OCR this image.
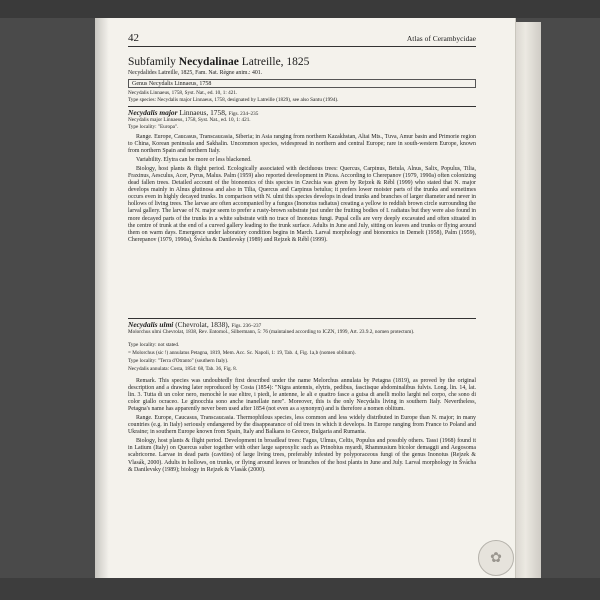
✿
42	Atlas of Cerambycidae
Subfamily Necydalinae Latreille, 1825
Necydalides Latreille, 1825, Fam. Nat. Règne anim.: 401.
Genus Necydalis Linnaeus, 1758
Necydalis Linnaeus, 1758, Syst. Nat., ed. 10, 1: 421.
Type species: Necydalis major Linnaeus, 1758, designated by Latreille (1829), see also Santu (1994).
Necydalis major Linnaeus, 1758, Figs. 234–235
Necydalis major Linnaeus, 1758, Syst. Nat., ed. 10, 1: 421.
Type locality: "Europa".

Range. Europe, Caucasus, Transcaucasia, Siberia; in Asia ranging from northern Kazakhstan, Altai Mts., Tuva, Amur basin and Primorie region to China, Korean peninsula and Sakhalin. Uncommon species, widespread in northern and central Europe; rare in south-western Europe, known from northern Spain and northern Italy.

Variability. Elytra can be more or less blackened.

Biology, host plants & flight period. Ecologically associated with deciduous trees: Quercus, Carpinus, Betula, Alnus, Salix, Populus, Tilia, Fraxinus, Aesculus, Acer, Pyrus, Malus. Palm (1959) also reported development in Picea. According to Cherepanov (1979, 1990a) often colonizing dead fallen trees. Detailed account of the bionomics of this species in Czechia was given by Rejzek & Rébl (1999) who stated that N. major develops mainly in Alnus glutinosa and also in Tilia, Quercus and Carpinus betulus; it prefers lower moister parts of the trunks and sometimes occurs even in highly decayed trunks. In comparison with N. ulmi this species develops in dead trunks and branches of larger diameter and never in hollows of living trees. The larvae are often accompanied by a fungus (Inonotus radiatus) creating a yellow to reddish brown circle surrounding the larval gallery. The larvae of N. major seem to prefer a rusty-brown substrate just under the fruiting bodies of I. radiatus but they were also found in more decayed parts of the trunks in a white substrate with no trace of Inonotus fungi. Pupal cells are very deeply excavated and often situated in the centre of trunk at the end of a curved gallery leading to the trunk surface. Adults in June and July, sitting on leaves and trunks or flying around them on warm days. Emergence under laboratory condition begins in March. Larval morphology and bionomics in Demelt (1958), Palm (1959), Cherepanov (1979, 1990a), Švácha & Danilevsky (1989) and Rejzek & Rébl (1999).

Necydalis ulmi (Chevrolat, 1838), Figs. 236–237
Molorchus ulmi Chevrolat, 1838, Rev. Entomol., Silbermann, 5: 76 (maintained according to ICZN, 1999, Art. 23.9.2, nomen protectum).
Type locality: not stated.
= Molorchus (sic !) annulatus Petagna, 1819, Mem. Acc. Sc. Napoli, 1: 19, Tab. 4, Fig. 1a,b (nomen oblitum).
Type locality: "Terra d'Otranto" (southern Italy).
Necydalis annulata: Costa, 1854: 68, Tab. 36, Fig. 8.

Remark. This species was undoubtedly first described under the name Melorchus annulata by Petagna (1819), as proved by the original description and a drawing later reproduced by Costa (1854): "Nigra antennis, elytris, pedibus, fasciisque abdominalibus fulvis. Long. lin. 14, lat. lin. 3. Tutta di un color nero, menochè le sue elitre, i piedi, le antenne, le ali e quattro fasce a guisa di anelli molto larghi nel corpo, che sono di color giallo ocraceo. Le ginocchia sono anche inanellate nere". Moreover, this is the only Necydalis living in southern Italy. Nevertheless, Petagna's name has apparently never been used after 1854 (not even as a synonym) and is therefore a nomen oblitum.

Range. Europe, Caucasus, Transcaucasia. Thermophilous species, less common and less widely distributed in Europe than N. major; in many countries (e.g. in Italy) seriously endangered by the disappearance of old trees in which it develops. In Europe ranging from France to Poland and Ukraine; in southern Europe known from Spain, Italy and Balkans to Greece, Bulgaria and Rumania.

Biology, host plants & flight period. Development in broadleaf trees: Fagus, Ulmus, Celtis, Populus and possibly others. Tassi (1968) found it in Latium (Italy) on Quercus suber together with other large saproxylic such as Prinobius myardi, Rhamnusium bicolor demaggii and Aegosoma scabricorne. Larvae in dead parts (cavities) of large living trees, preferably infested by polyporaceous fungi of the genus Inonotus (Rejzek & Vlasák, 2000). Adults in hollows, on trunks, or flying around leaves or branches of the host plants in June and July. Larval morphology in Švácha & Danilevsky (1989); biology in Rejzek & Vlasák (2000).
